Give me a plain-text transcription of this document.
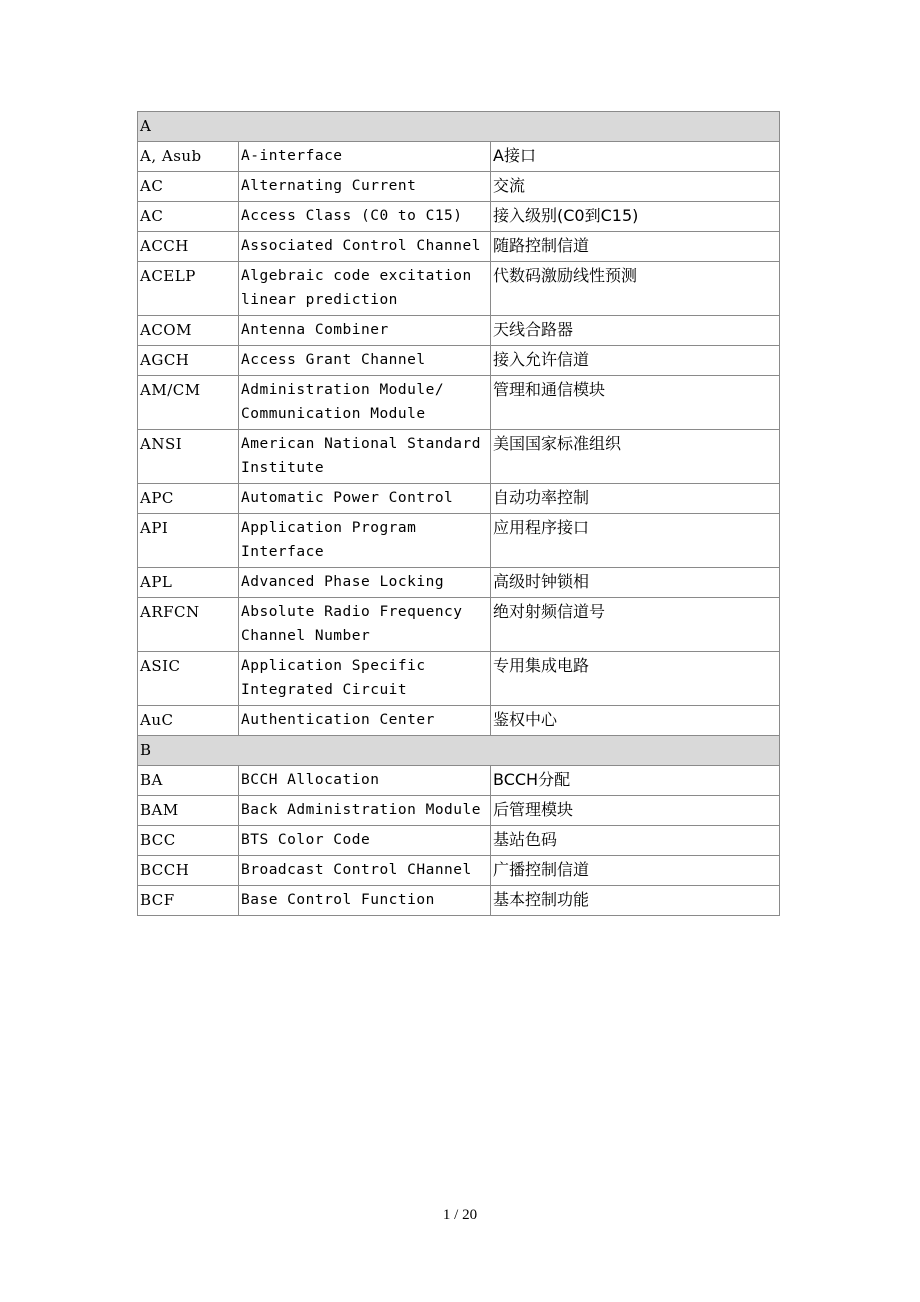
A		
A, Asub	A-interface	A接口
AC	Alternating Current	交流
AC	Access Class (C0 to C15)	接入级别(C0到C15)
ACCH	Associated Control Channel	随路控制信道
ACELP	Algebraic code excitation linear prediction	代数码激励线性预测
ACOM	Antenna Combiner	天线合路器
AGCH	Access Grant Channel	接入允许信道
AM/CM	Administration Module/ Communication Module	管理和通信模块
ANSI	American National Standard Institute	美国国家标准组织
APC	Automatic Power Control	自动功率控制
API	Application Program Interface	应用程序接口
APL	Advanced Phase Locking	高级时钟锁相
ARFCN	Absolute Radio Frequency Channel Number	绝对射频信道号
ASIC	Application Specific Integrated Circuit	专用集成电路
AuC	Authentication Center	鉴权中心
B		
BA	BCCH Allocation	BCCH分配
BAM	Back Administration Module	后管理模块
BCC	BTS Color Code	基站色码
BCCH	Broadcast Control CHannel	广播控制信道
BCF	Base Control Function	基本控制功能
1 / 20
